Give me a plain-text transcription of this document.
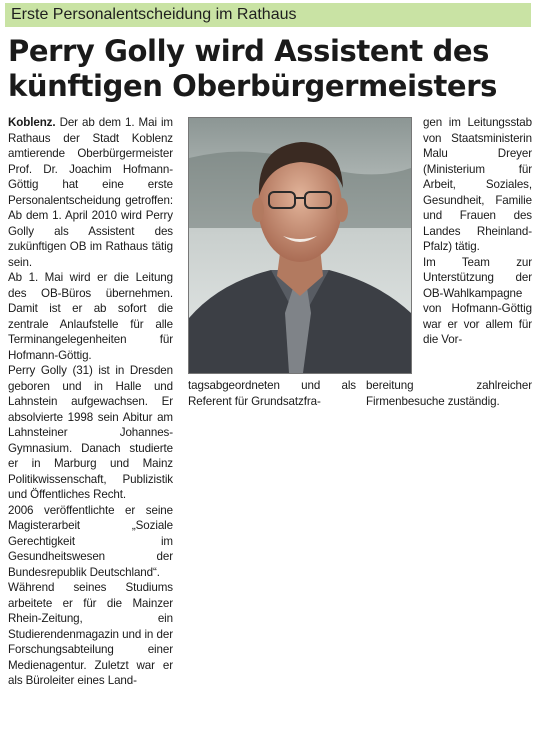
Erste Personalentscheidung im Rathaus
Perry Golly wird Assistent des
künftigen Oberbürgermeisters

Koblenz. Der ab dem 1. Mai im Rathaus der Stadt Koblenz amtierende Oberbürgermeister Prof. Dr. Joachim Hofmann-Göttig hat eine erste Personalentscheidung getroffen: Ab dem 1. April 2010 wird Perry Golly als Assistent des zukünftigen OB im Rathaus tätig sein.

Ab 1. Mai wird er die Leitung des OB-Büros übernehmen. Damit ist er ab sofort die zentrale Anlaufstelle für alle Terminangelegenheiten für Hofmann-Göttig.

Perry Golly (31) ist in Dresden geboren und in Halle und Lahnstein aufgewachsen. Er absolvierte 1998 sein Abitur am Lahnsteiner Johannes-Gymnasium. Danach studierte er in Marburg und Mainz Politikwissenschaft, Publizistik und Öffentliches Recht.

2006 veröffentlichte er seine Magisterarbeit „Soziale Gerechtigkeit im Gesundheitswesen der Bundesrepublik Deutschland“.

Während seines Studiums arbeitete er für die Mainzer Rhein-Zeitung, ein Studierendenmagazin und in der Forschungsabteilung einer Medienagentur. Zuletzt war er als Büroleiter eines Land-

gen im Leitungsstab von Staatsministerin Malu Dreyer (Ministerium für Arbeit, Soziales, Gesundheit, Familie und Frauen des Landes Rheinland-Pfalz) tätig.

Im Team zur Unterstützung der OB-Wahlkampagne von Hofmann-Göttig war er vor allem für die Vor-

tagsabgeordneten und als Referent für Grundsatzfra-

bereitung zahlreicher Firmenbesuche zuständig.
